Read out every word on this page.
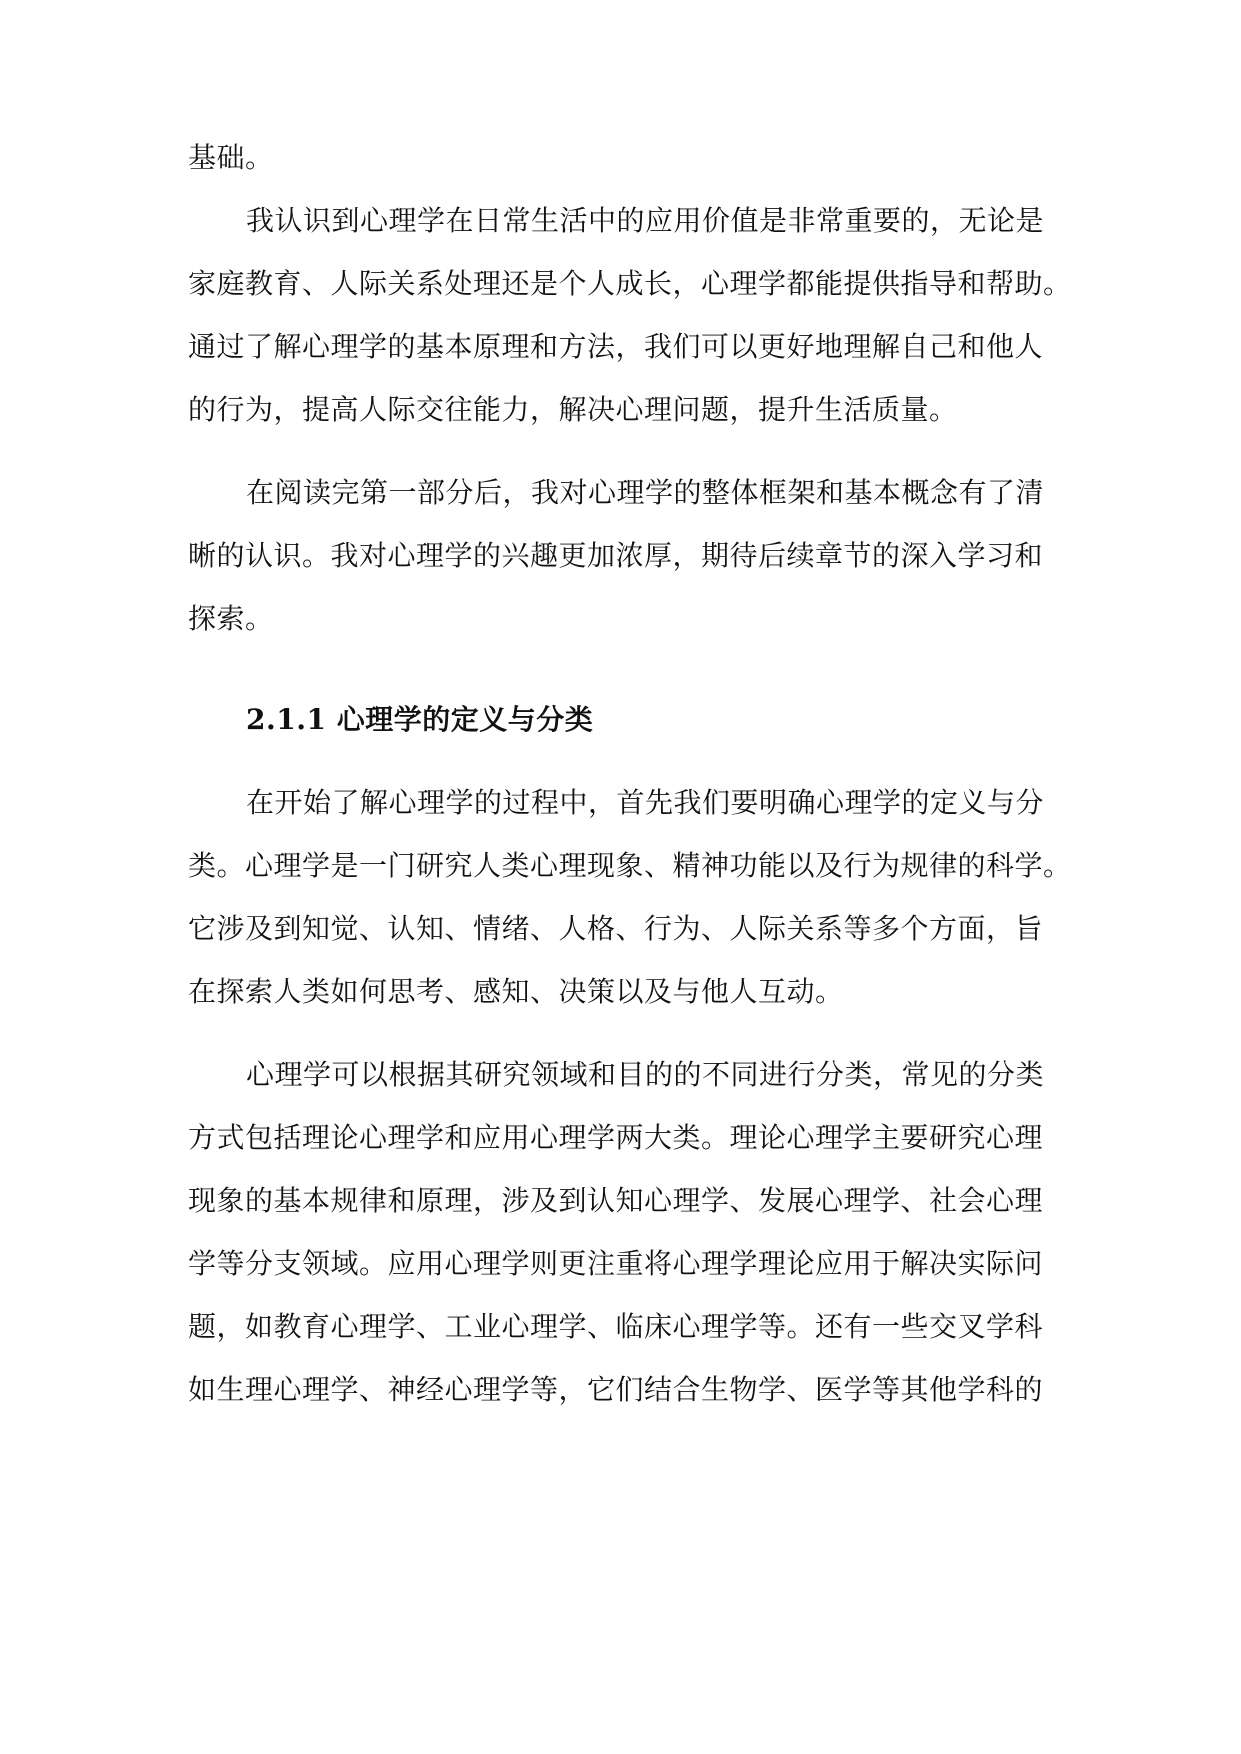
基础。
我认识到心理学在日常生活中的应用价值是非常重要的，无论是
家庭教育、人际关系处理还是个人成长，心理学都能提供指导和帮助。
通过了解心理学的基本原理和方法，我们可以更好地理解自己和他人
的行为，提高人际交往能力，解决心理问题，提升生活质量。
在阅读完第一部分后，我对心理学的整体框架和基本概念有了清
晰的认识。我对心理学的兴趣更加浓厚，期待后续章节的深入学习和
探索。
2.1.1 心理学的定义与分类
在开始了解心理学的过程中，首先我们要明确心理学的定义与分
类。心理学是一门研究人类心理现象、精神功能以及行为规律的科学。
它涉及到知觉、认知、情绪、人格、行为、人际关系等多个方面，旨
在探索人类如何思考、感知、决策以及与他人互动。
心理学可以根据其研究领域和目的的不同进行分类，常见的分类
方式包括理论心理学和应用心理学两大类。理论心理学主要研究心理
现象的基本规律和原理，涉及到认知心理学、发展心理学、社会心理
学等分支领域。应用心理学则更注重将心理学理论应用于解决实际问
题，如教育心理学、工业心理学、临床心理学等。还有一些交叉学科
如生理心理学、神经心理学等，它们结合生物学、医学等其他学科的
